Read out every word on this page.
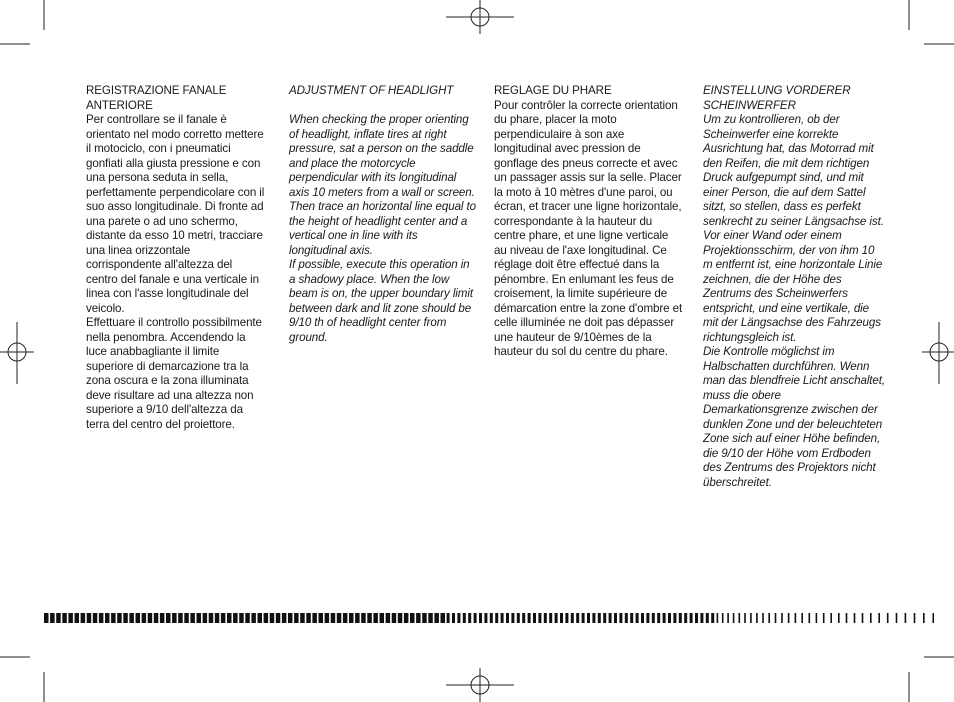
REGISTRAZIONE FANALE ANTERIORE

Per controllare se il fanale è orientato nel modo corretto mettere il motociclo, con i pneumatici gonfiati alla giusta pressione e con una persona seduta in sella, perfettamente perpendicolare con il suo asso longitudinale. Di fronte ad una parete o ad uno schermo, distante da esso 10 metri, tracciare una linea orizzontale corrispondente all'altezza del centro del fanale e una verticale in linea con l'asse longitudinale del veicolo.

Effettuare il controllo possibilmente nella penombra. Accendendo la luce anabbagliante il limite superiore di demarcazione tra la zona oscura e la zona illuminata deve risultare ad una altezza non superiore a 9/10 dell'altezza da terra del centro del proiettore.

ADJUSTMENT OF HEADLIGHT

When checking the proper orienting of headlight, inflate tires at right pressure, sat a person on the saddle and place the motorcycle perpendicular with its longitudinal axis 10 meters from a wall or screen. Then trace an horizontal line equal to the height of headlight center and a vertical one in line with its longitudinal axis.

If possible, execute this operation in a shadowy place. When the low beam is on, the upper boundary limit between dark and lit zone should be 9/10 th of headlight center from ground.

REGLAGE DU PHARE

Pour contrôler la correcte orientation du phare, placer la moto perpendiculaire à son axe longitudinal avec pression de gonflage des pneus correcte et avec un passager assis sur la selle. Placer la moto à 10 mètres d'une paroi, ou écran, et tracer une ligne horizontale, correspondante à la hauteur du centre phare, et une ligne verticale au niveau de l'axe longitudinal. Ce réglage doit être effectué dans la pénombre. En enlumant les feus de croisement, la limite supérieure de démarcation entre la zone d'ombre et celle illuminée ne doit pas dépasser une hauteur de 9/10èmes de la hauteur du sol du centre du phare.

EINSTELLUNG VORDERER SCHEINWERFER

Um zu kontrollieren, ob der Scheinwerfer eine korrekte Ausrichtung hat, das Motorrad mit den Reifen, die mit dem richtigen Druck aufgepumpt sind, und mit einer Person, die auf dem Sattel sitzt, so stellen, dass es perfekt senkrecht zu seiner Längsachse ist. Vor einer Wand oder einem Projektionsschirm, der von ihm 10 m entfernt ist, eine horizontale Linie zeichnen, die der Höhe des Zentrums des Scheinwerfers entspricht, und eine vertikale, die mit der Längsachse des Fahrzeugs richtungsgleich ist.

Die Kontrolle möglichst im Halbschatten durchführen. Wenn man das blendfreie Licht anschaltet, muss die obere Demarkationsgrenze zwischen der dunklen Zone und der beleuchteten Zone sich auf einer Höhe befinden, die 9/10 der Höhe vom Erdboden des Zentrums des Projektors nicht überschreitet.
